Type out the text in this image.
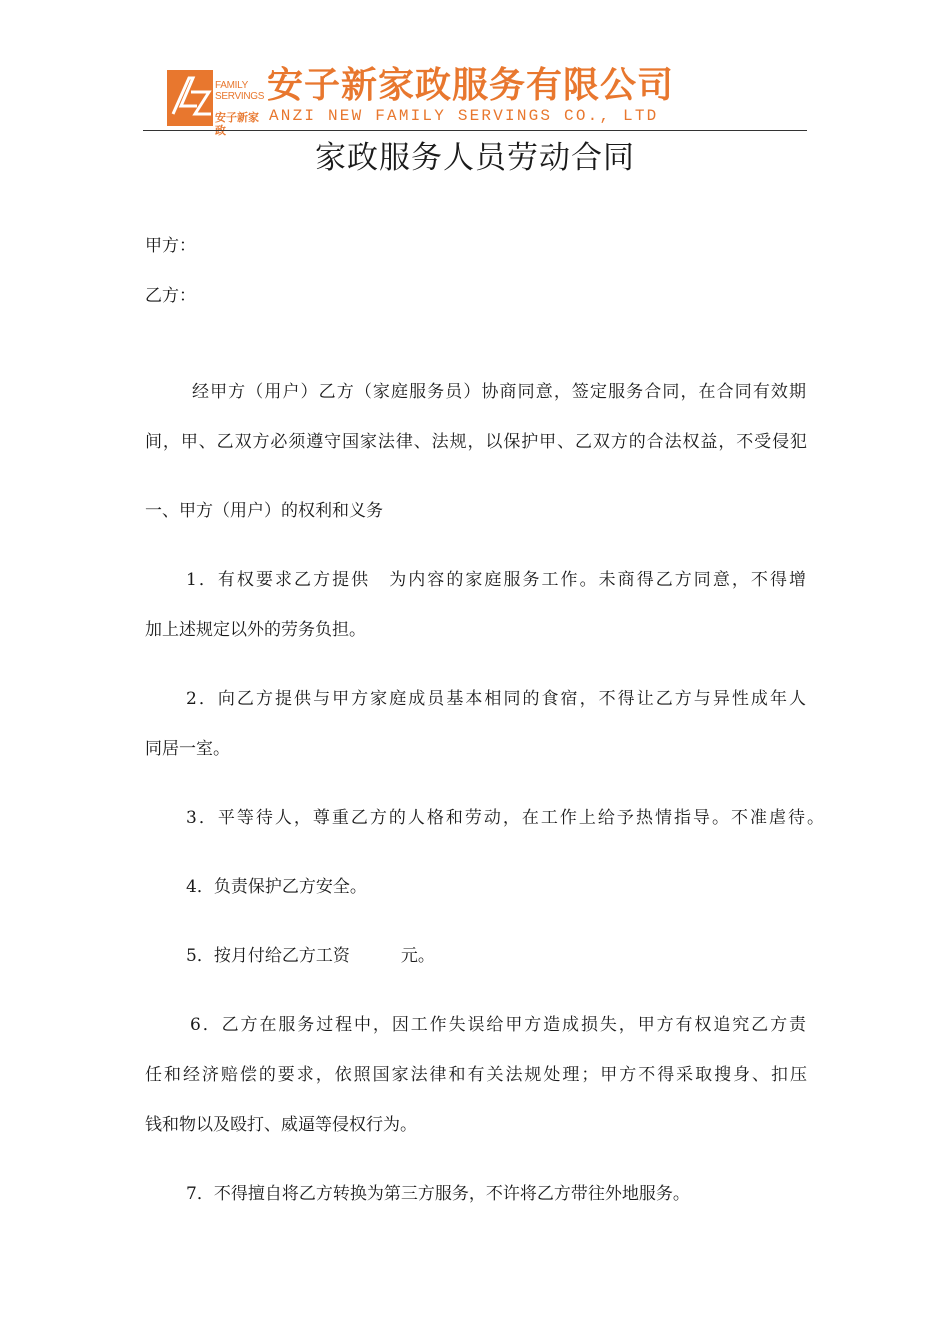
FAMILY
SERVINGS
安子新家政
安子新家政服务有限公司
ANZI NEW FAMILY SERVINGS CO., LTD
家政服务人员劳动合同
甲方：
乙方：
经甲方（用户）乙方（家庭服务员）协商同意，签定服务合同，在合同有效期
间，甲、乙双方必须遵守国家法律、法规，以保护甲、乙双方的合法权益，不受侵犯
一、甲方（用户）的权利和义务
1．有权要求乙方提供　为内容的家庭服务工作。未商得乙方同意，不得增
加上述规定以外的劳务负担。
2．向乙方提供与甲方家庭成员基本相同的食宿，不得让乙方与异性成年人
同居一室。
3．平等待人，尊重乙方的人格和劳动，在工作上给予热情指导。不准虐待。
4．负责保护乙方安全。
5．按月付给乙方工资　　　元。
6．乙方在服务过程中，因工作失误给甲方造成损失，甲方有权追究乙方责
任和经济赔偿的要求，依照国家法律和有关法规处理；甲方不得采取搜身、扣压
钱和物以及殴打、威逼等侵权行为。
7．不得擅自将乙方转换为第三方服务，不许将乙方带往外地服务。
